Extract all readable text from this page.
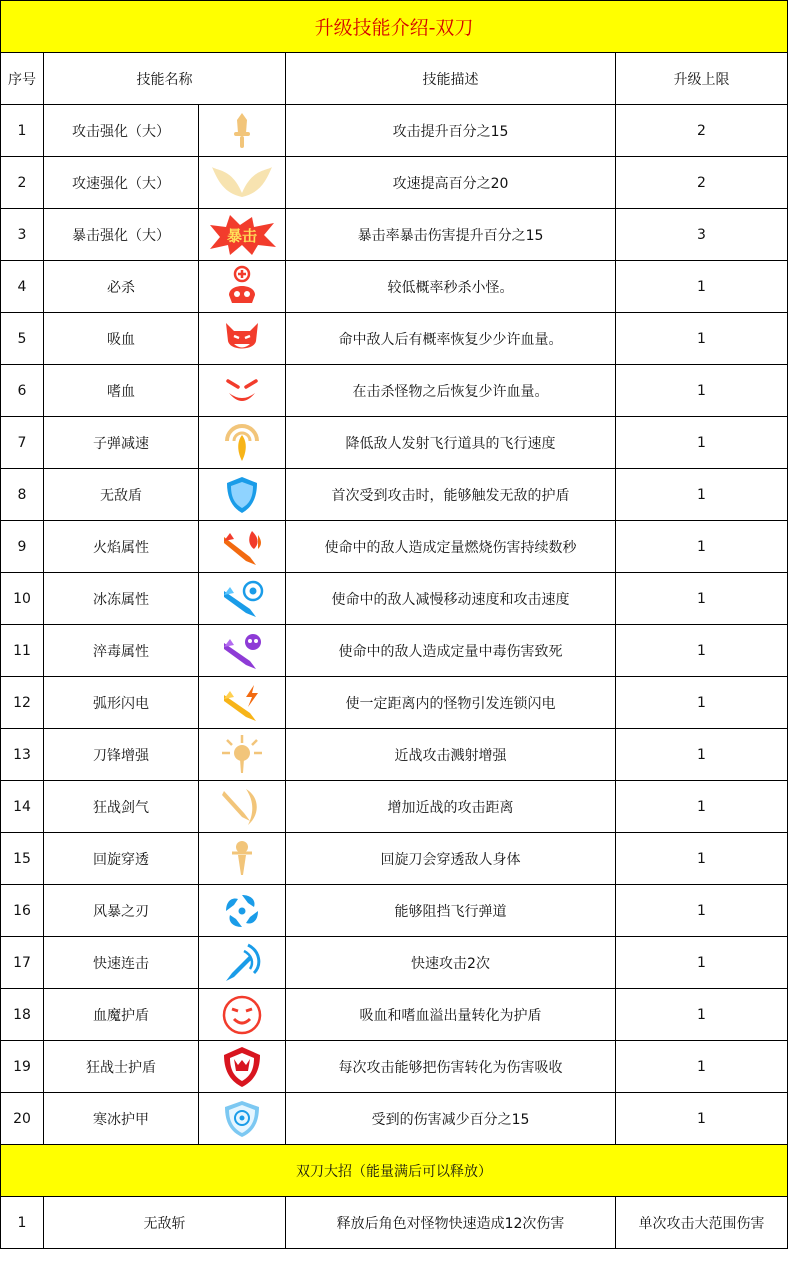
升级技能介绍-双刀				
序号	技能名称		技能描述	升级上限
1	攻击强化（大）		攻击提升百分之15	2
2	攻速强化（大）		攻速提高百分之20	2
3	暴击强化（大）	暴击	暴击率暴击伤害提升百分之15	3
4	必杀		较低概率秒杀小怪。	1
5	吸血		命中敌人后有概率恢复少少许血量。	1
6	嗜血		在击杀怪物之后恢复少许血量。	1
7	子弹减速		降低敌人发射飞行道具的飞行速度	1
8	无敌盾		首次受到攻击时，能够触发无敌的护盾	1
9	火焰属性		使命中的敌人造成定量燃烧伤害持续数秒	1
10	冰冻属性		使命中的敌人减慢移动速度和攻击速度	1
11	淬毒属性		使命中的敌人造成定量中毒伤害致死	1
12	弧形闪电		使一定距离内的怪物引发连锁闪电	1
13	刀锋增强		近战攻击溅射增强	1
14	狂战剑气		增加近战的攻击距离	1
15	回旋穿透		回旋刀会穿透敌人身体	1
16	风暴之刃		能够阻挡飞行弹道	1
17	快速连击		快速攻击2次	1
18	血魔护盾		吸血和嗜血溢出量转化为护盾	1
19	狂战士护盾		每次攻击能够把伤害转化为伤害吸收	1
20	寒冰护甲		受到的伤害减少百分之15	1
双刀大招（能量满后可以释放）				
1	无敌斩		释放后角色对怪物快速造成12次伤害	单次攻击大范围伤害
